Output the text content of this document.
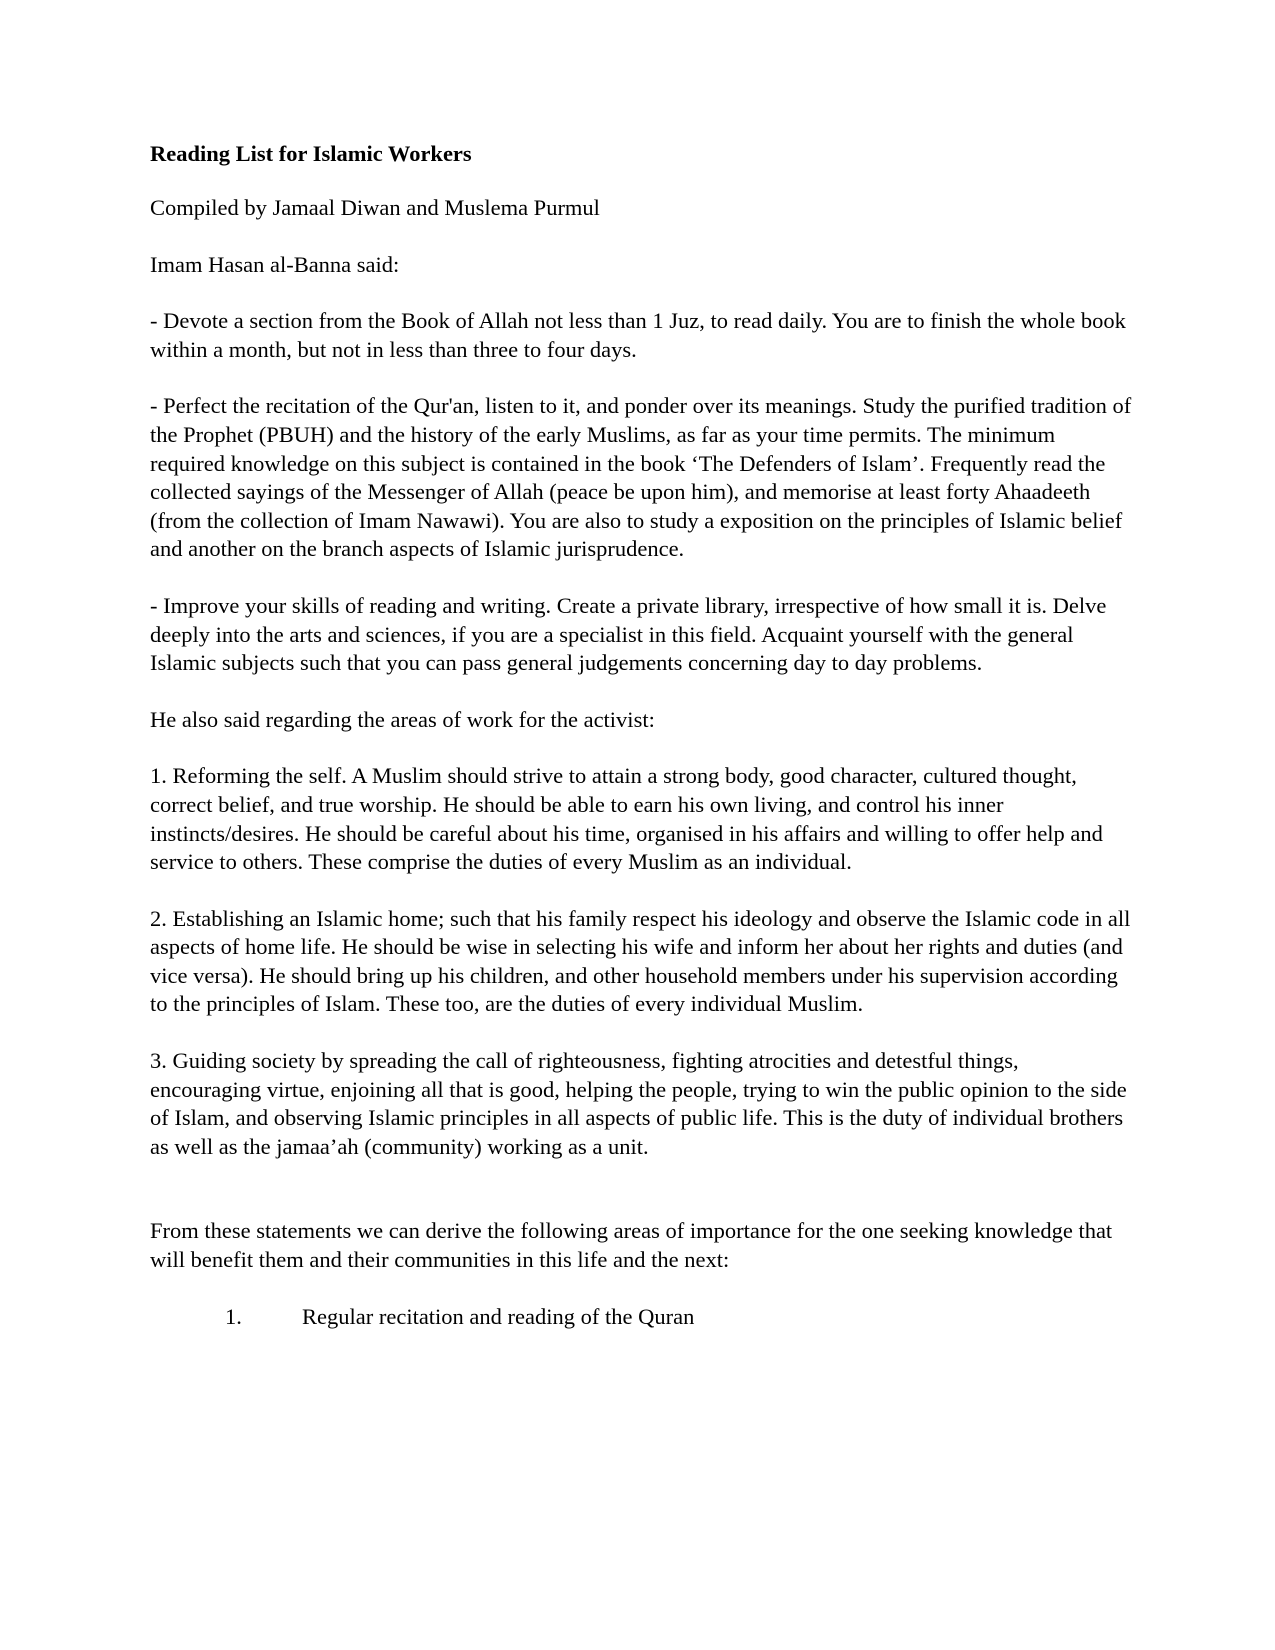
Reading List for Islamic Workers
Compiled by Jamaal Diwan and Muslema Purmul
Imam Hasan al-Banna said:
- Devote a section from the Book of Allah not less than 1 Juz, to read daily. You are to finish the whole book within a month, but not in less than three to four days.
- Perfect the recitation of the Qur'an, listen to it, and ponder over its meanings. Study the purified tradition of the Prophet (PBUH) and the history of the early Muslims, as far as your time permits. The minimum required knowledge on this subject is contained in the book ‘The Defenders of Islam’. Frequently read the collected sayings of the Messenger of Allah (peace be upon him), and memorise at least forty Ahaadeeth (from the collection of Imam Nawawi). You are also to study a exposition on the principles of Islamic belief and another on the branch aspects of Islamic jurisprudence.
- Improve your skills of reading and writing. Create a private library, irrespective of how small it is. Delve deeply into the arts and sciences, if you are a specialist in this field. Acquaint yourself with the general Islamic subjects such that you can pass general judgements concerning day to day problems.
He also said regarding the areas of work for the activist:
1. Reforming the self. A Muslim should strive to attain a strong body, good character, cultured thought, correct belief, and true worship. He should be able to earn his own living, and control his inner instincts/desires. He should be careful about his time, organised in his affairs and willing to offer help and service to others. These comprise the duties of every Muslim as an individual.
2. Establishing an Islamic home; such that his family respect his ideology and observe the Islamic code in all aspects of home life. He should be wise in selecting his wife and inform her about her rights and duties (and vice versa). He should bring up his children, and other household members under his supervision according to the principles of Islam. These too, are the duties of every individual Muslim.
3. Guiding society by spreading the call of righteousness, fighting atrocities and detestful things, encouraging virtue, enjoining all that is good, helping the people, trying to win the public opinion to the side of Islam, and observing Islamic principles in all aspects of public life. This is the duty of individual brothers as well as the jamaa’ah (community) working as a unit.
From these statements we can derive the following areas of importance for the one seeking knowledge that will benefit them and their communities in this life and the next:
1.	Regular recitation and reading of the Quran
